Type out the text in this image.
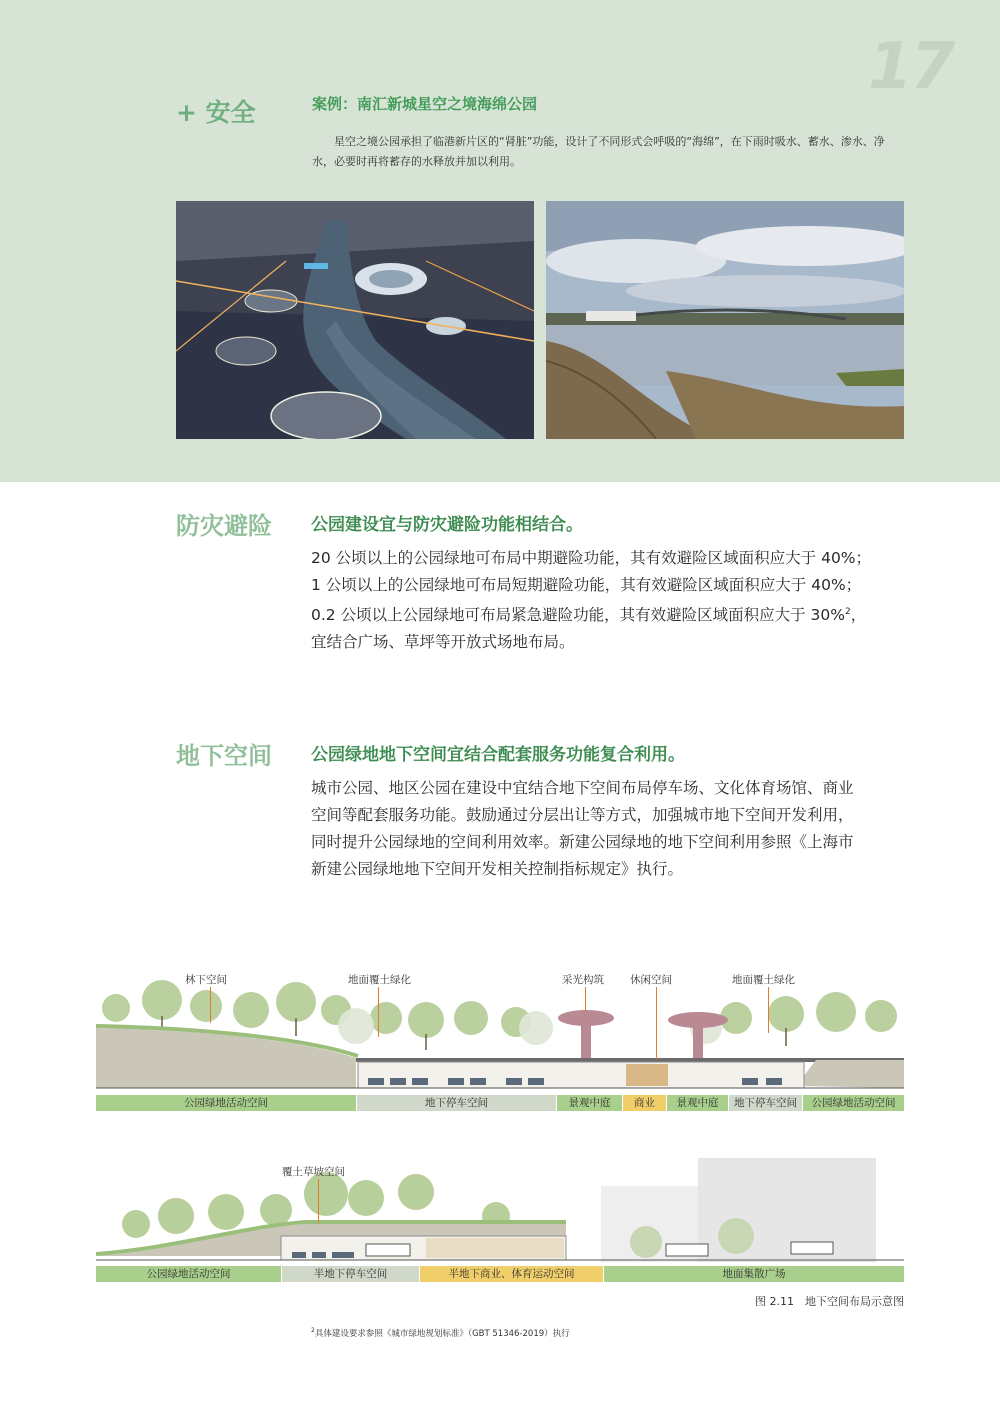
17
+ 安全	案例：南汇新城星空之境海绵公园
星空之境公园承担了临港新片区的“肾脏”功能，设计了不同形式会呼吸的“海绵”，在下雨时吸水、蓄水、渗水、净水，必要时再将蓄存的水释放并加以利用。
防灾避险 公园建设宜与防灾避险功能相结合。

20 公顷以上的公园绿地可布局中期避险功能，其有效避险区域面积应大于 40%；

1 公顷以上的公园绿地可布局短期避险功能，其有效避险区域面积应大于 40%；

0.2 公顷以上公园绿地可布局紧急避险功能，其有效避险区域面积应大于 30%$^2$，

宜结合广场、草坪等开放式场地布局。

地下空间 公园绿地地下空间宜结合配套服务功能复合利用。

城市公园、地区公园在建设中宜结合地下空间布局停车场、文化体育场馆、商业

空间等配套服务功能。鼓励通过分层出让等方式，加强城市地下空间开发利用，

同时提升公园绿地的空间利用效率。新建公园绿地的地下空间利用参照《上海市

新建公园绿地地下空间开发相关控制指标规定》执行。

林下空间	地面覆土绿化	采光构筑 休闲空间	地面覆土绿化
公园绿地活动空间	地下停车空间	景观中庭	商业	景观中庭	地下停车空间	公园绿地活动空间
覆土草坡空间
公园绿地活动空间	半地下停车空间	半地下商业、体育运动空间	地面集散广场
图 2.11　地下空间布局示意图
$^2$具体建设要求参照《城市绿地规划标准》（GBT 51346-2019）执行
